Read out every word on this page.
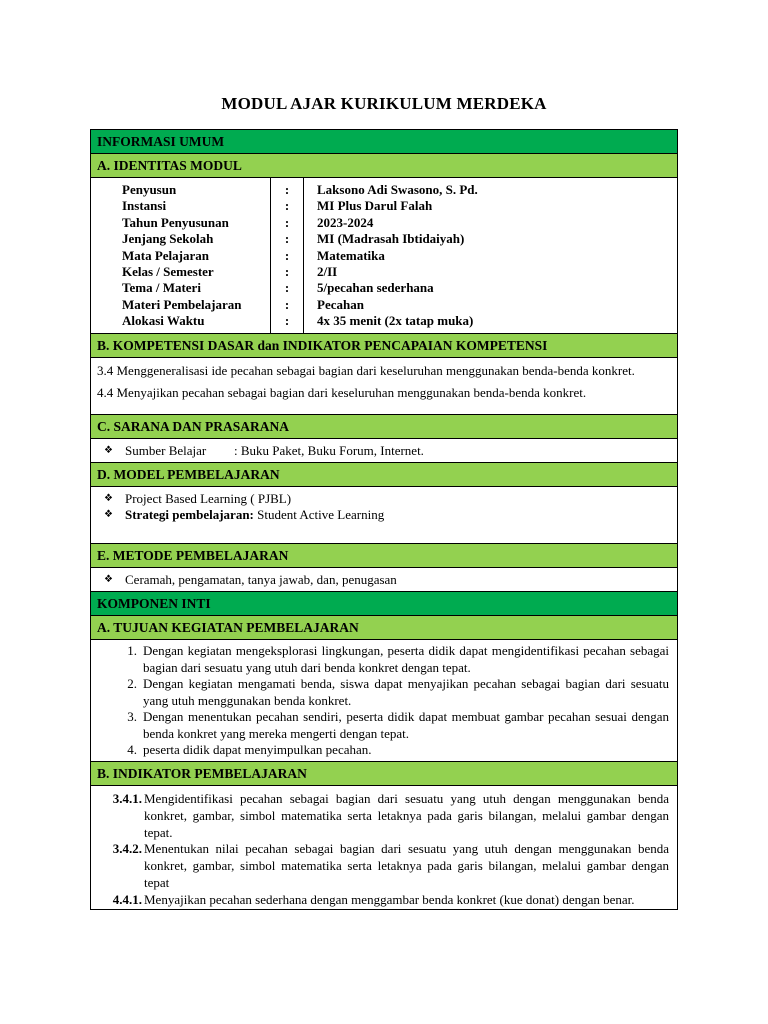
MODUL AJAR KURIKULUM MERDEKA
INFORMASI UMUM
A. IDENTITAS MODUL
Penyusun
Instansi
Tahun Penyusunan
Jenjang Sekolah
Mata Pelajaran
Kelas / Semester
Tema / Materi
Materi Pembelajaran
Alokasi Waktu
:
:
:
:
:
:
:
:
:
Laksono Adi Swasono, S. Pd.
MI Plus Darul Falah
2023-2024
MI (Madrasah Ibtidaiyah)
Matematika
2/II
5/pecahan sederhana
Pecahan
4x 35 menit (2x tatap muka)
B. KOMPETENSI DASAR dan INDIKATOR PENCAPAIAN KOMPETENSI
3.4 Menggeneralisasi ide pecahan sebagai bagian dari keseluruhan menggunakan benda-benda konkret.
4.4 Menyajikan pecahan sebagai bagian dari keseluruhan menggunakan benda-benda konkret.
C. SARANA DAN PRASARANA
❖ Sumber Belajar	: Buku Paket, Buku Forum, Internet.
D. MODEL PEMBELAJARAN
❖ Project Based Learning ( PJBL)
❖ Strategi pembelajaran: Student Active Learning
E. METODE PEMBELAJARAN
❖ Ceramah, pengamatan, tanya jawab, dan, penugasan
KOMPONEN INTI
A. TUJUAN KEGIATAN PEMBELAJARAN
1. Dengan kegiatan mengeksplorasi lingkungan, peserta didik dapat mengidentifikasi pecahan sebagai bagian dari sesuatu yang utuh dari benda konkret dengan tepat.
2. Dengan kegiatan mengamati benda, siswa dapat menyajikan pecahan sebagai bagian dari sesuatu yang utuh menggunakan benda konkret.
3. Dengan menentukan pecahan sendiri, peserta didik dapat membuat gambar pecahan sesuai dengan benda konkret yang mereka mengerti dengan tepat.
4. peserta didik dapat menyimpulkan pecahan.
B. INDIKATOR PEMBELAJARAN
3.4.1. Mengidentifikasi pecahan sebagai bagian dari sesuatu yang utuh dengan menggunakan benda konkret, gambar, simbol matematika serta letaknya pada garis bilangan, melalui gambar dengan tepat.
3.4.2. Menentukan nilai pecahan sebagai bagian dari sesuatu yang utuh dengan menggunakan benda konkret, gambar, simbol matematika serta letaknya pada garis bilangan, melalui gambar dengan tepat
4.4.1. Menyajikan pecahan sederhana dengan menggambar benda konkret (kue donat) dengan benar.
